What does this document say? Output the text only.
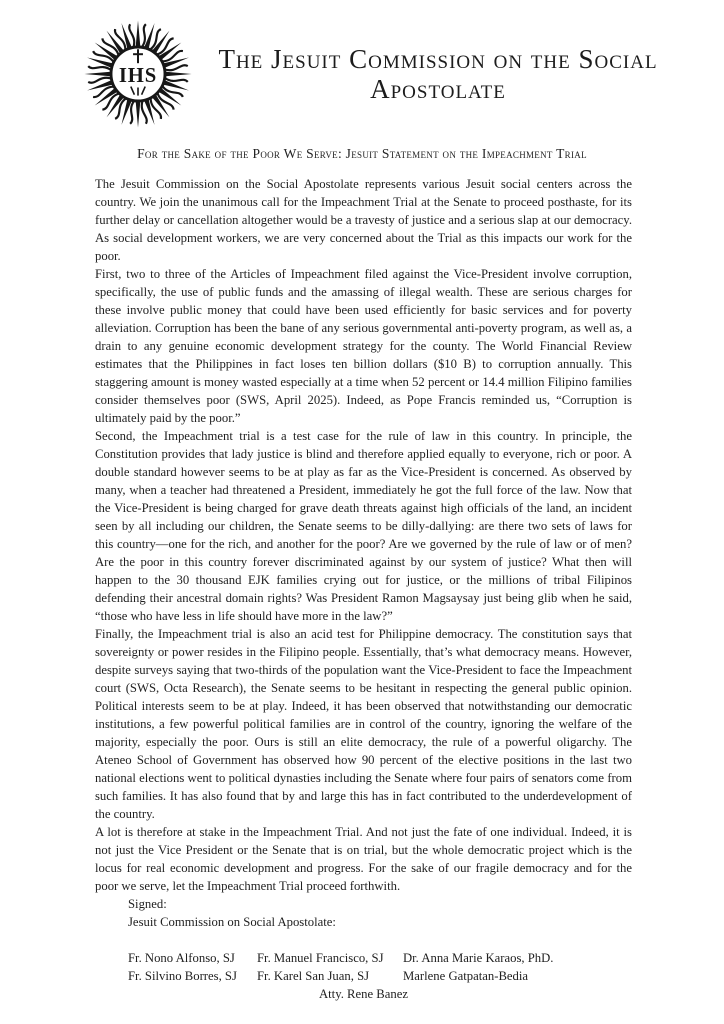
IHS
The Jesuit Commission on the Social
Apostolate
For the Sake of the Poor We Serve: Jesuit Statement on the Impeachment Trial

The Jesuit Commission on the Social Apostolate represents various Jesuit social centers across the country. We join the unanimous call for the Impeachment Trial at the Senate to proceed posthaste, for its further delay or cancellation altogether would be a travesty of justice and a serious slap at our democracy. As social development workers, we are very concerned about the Trial as this impacts our work for the poor.

First, two to three of the Articles of Impeachment filed against the Vice-President involve corruption, specifically, the use of public funds and the amassing of illegal wealth. These are serious charges for these involve public money that could have been used efficiently for basic services and for poverty alleviation. Corruption has been the bane of any serious governmental anti-poverty program, as well as, a drain to any genuine economic development strategy for the county. The World Financial Review estimates that the Philippines in fact loses ten billion dollars ($10 B) to corruption annually. This staggering amount is money wasted especially at a time when 52 percent or 14.4 million Filipino families consider themselves poor (SWS, April 2025). Indeed, as Pope Francis reminded us, “Corruption is ultimately paid by the poor.”

Second, the Impeachment trial is a test case for the rule of law in this country. In principle, the Constitution provides that lady justice is blind and therefore applied equally to everyone, rich or poor. A double standard however seems to be at play as far as the Vice-President is concerned. As observed by many, when a teacher had threatened a President, immediately he got the full force of the law. Now that the Vice-President is being charged for grave death threats against high officials of the land, an incident seen by all including our children, the Senate seems to be dilly-dallying: are there two sets of laws for this country—one for the rich, and another for the poor? Are we governed by the rule of law or of men? Are the poor in this country forever discriminated against by our system of justice? What then will happen to the 30 thousand EJK families crying out for justice, or the millions of tribal Filipinos defending their ancestral domain rights? Was President Ramon Magsaysay just being glib when he said, “those who have less in life should have more in the law?”

Finally, the Impeachment trial is also an acid test for Philippine democracy. The constitution says that sovereignty or power resides in the Filipino people. Essentially, that’s what democracy means. However, despite surveys saying that two-thirds of the population want the Vice-President to face the Impeachment court (SWS, Octa Research), the Senate seems to be hesitant in respecting the general public opinion. Political interests seem to be at play. Indeed, it has been observed that notwithstanding our democratic institutions, a few powerful political families are in control of the country, ignoring the welfare of the majority, especially the poor. Ours is still an elite democracy, the rule of a powerful oligarchy. The Ateneo School of Government has observed how 90 percent of the elective positions in the last two national elections went to political dynasties including the Senate where four pairs of senators come from such families. It has also found that by and large this has in fact contributed to the underdevelopment of the country.

A lot is therefore at stake in the Impeachment Trial. And not just the fate of one individual. Indeed, it is not just the Vice President or the Senate that is on trial, but the whole democratic project which is the locus for real economic development and progress. For the sake of our fragile democracy and for the poor we serve, let the Impeachment Trial proceed forthwith.

Signed:
Jesuit Commission on Social Apostolate:
Fr. Nono Alfonso, SJ	Fr. Manuel Francisco, SJ	Dr. Anna Marie Karaos, PhD.
Fr. Silvino Borres, SJ	Fr. Karel San Juan, SJ	Marlene Gatpatan-Bedia
Atty. Rene Banez
